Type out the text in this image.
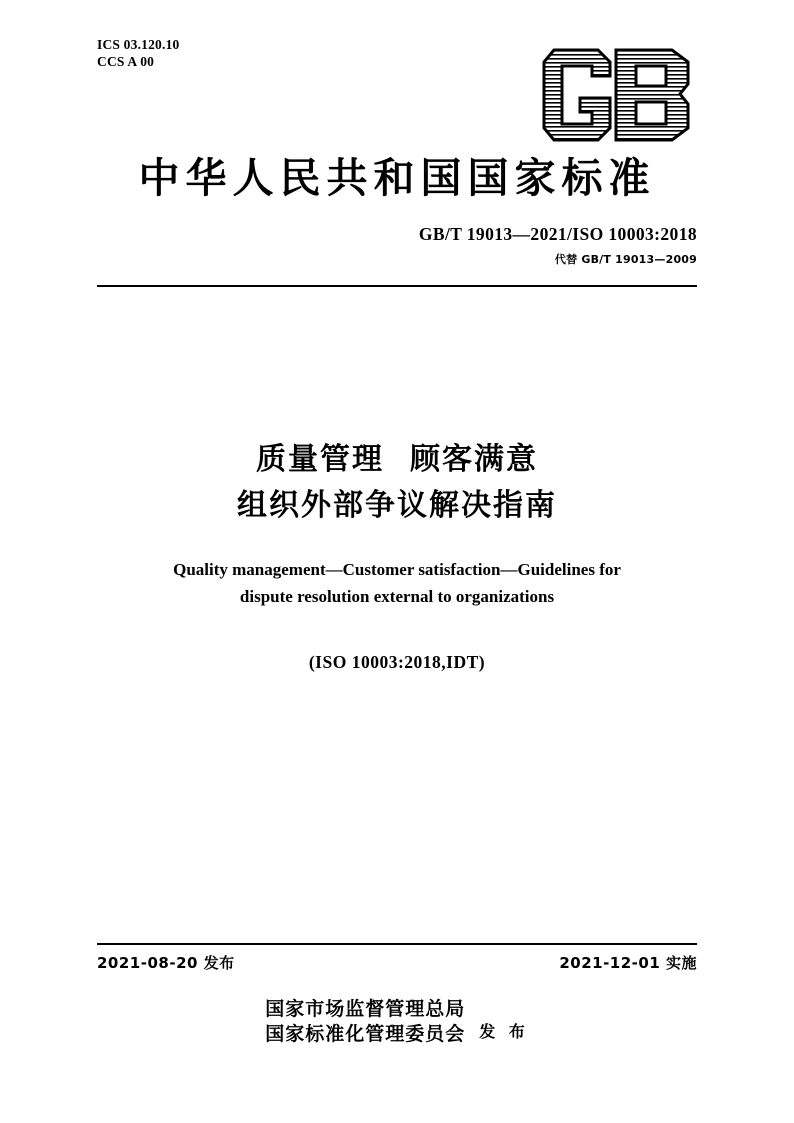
ICS 03.120.10
CCS A 00
中华人民共和国国家标准
GB/T 19013—2021/ISO 10003:2018
代替 GB/T 19013—2009
质量管理 顾客满意
组织外部争议解决指南
Quality management—Customer satisfaction—Guidelines for
dispute resolution external to organizations
(ISO 10003:2018,IDT)
2021-08-20 发布	2021-12-01 实施
国家市场监督管理总局
国家标准化管理委员会 发 布
